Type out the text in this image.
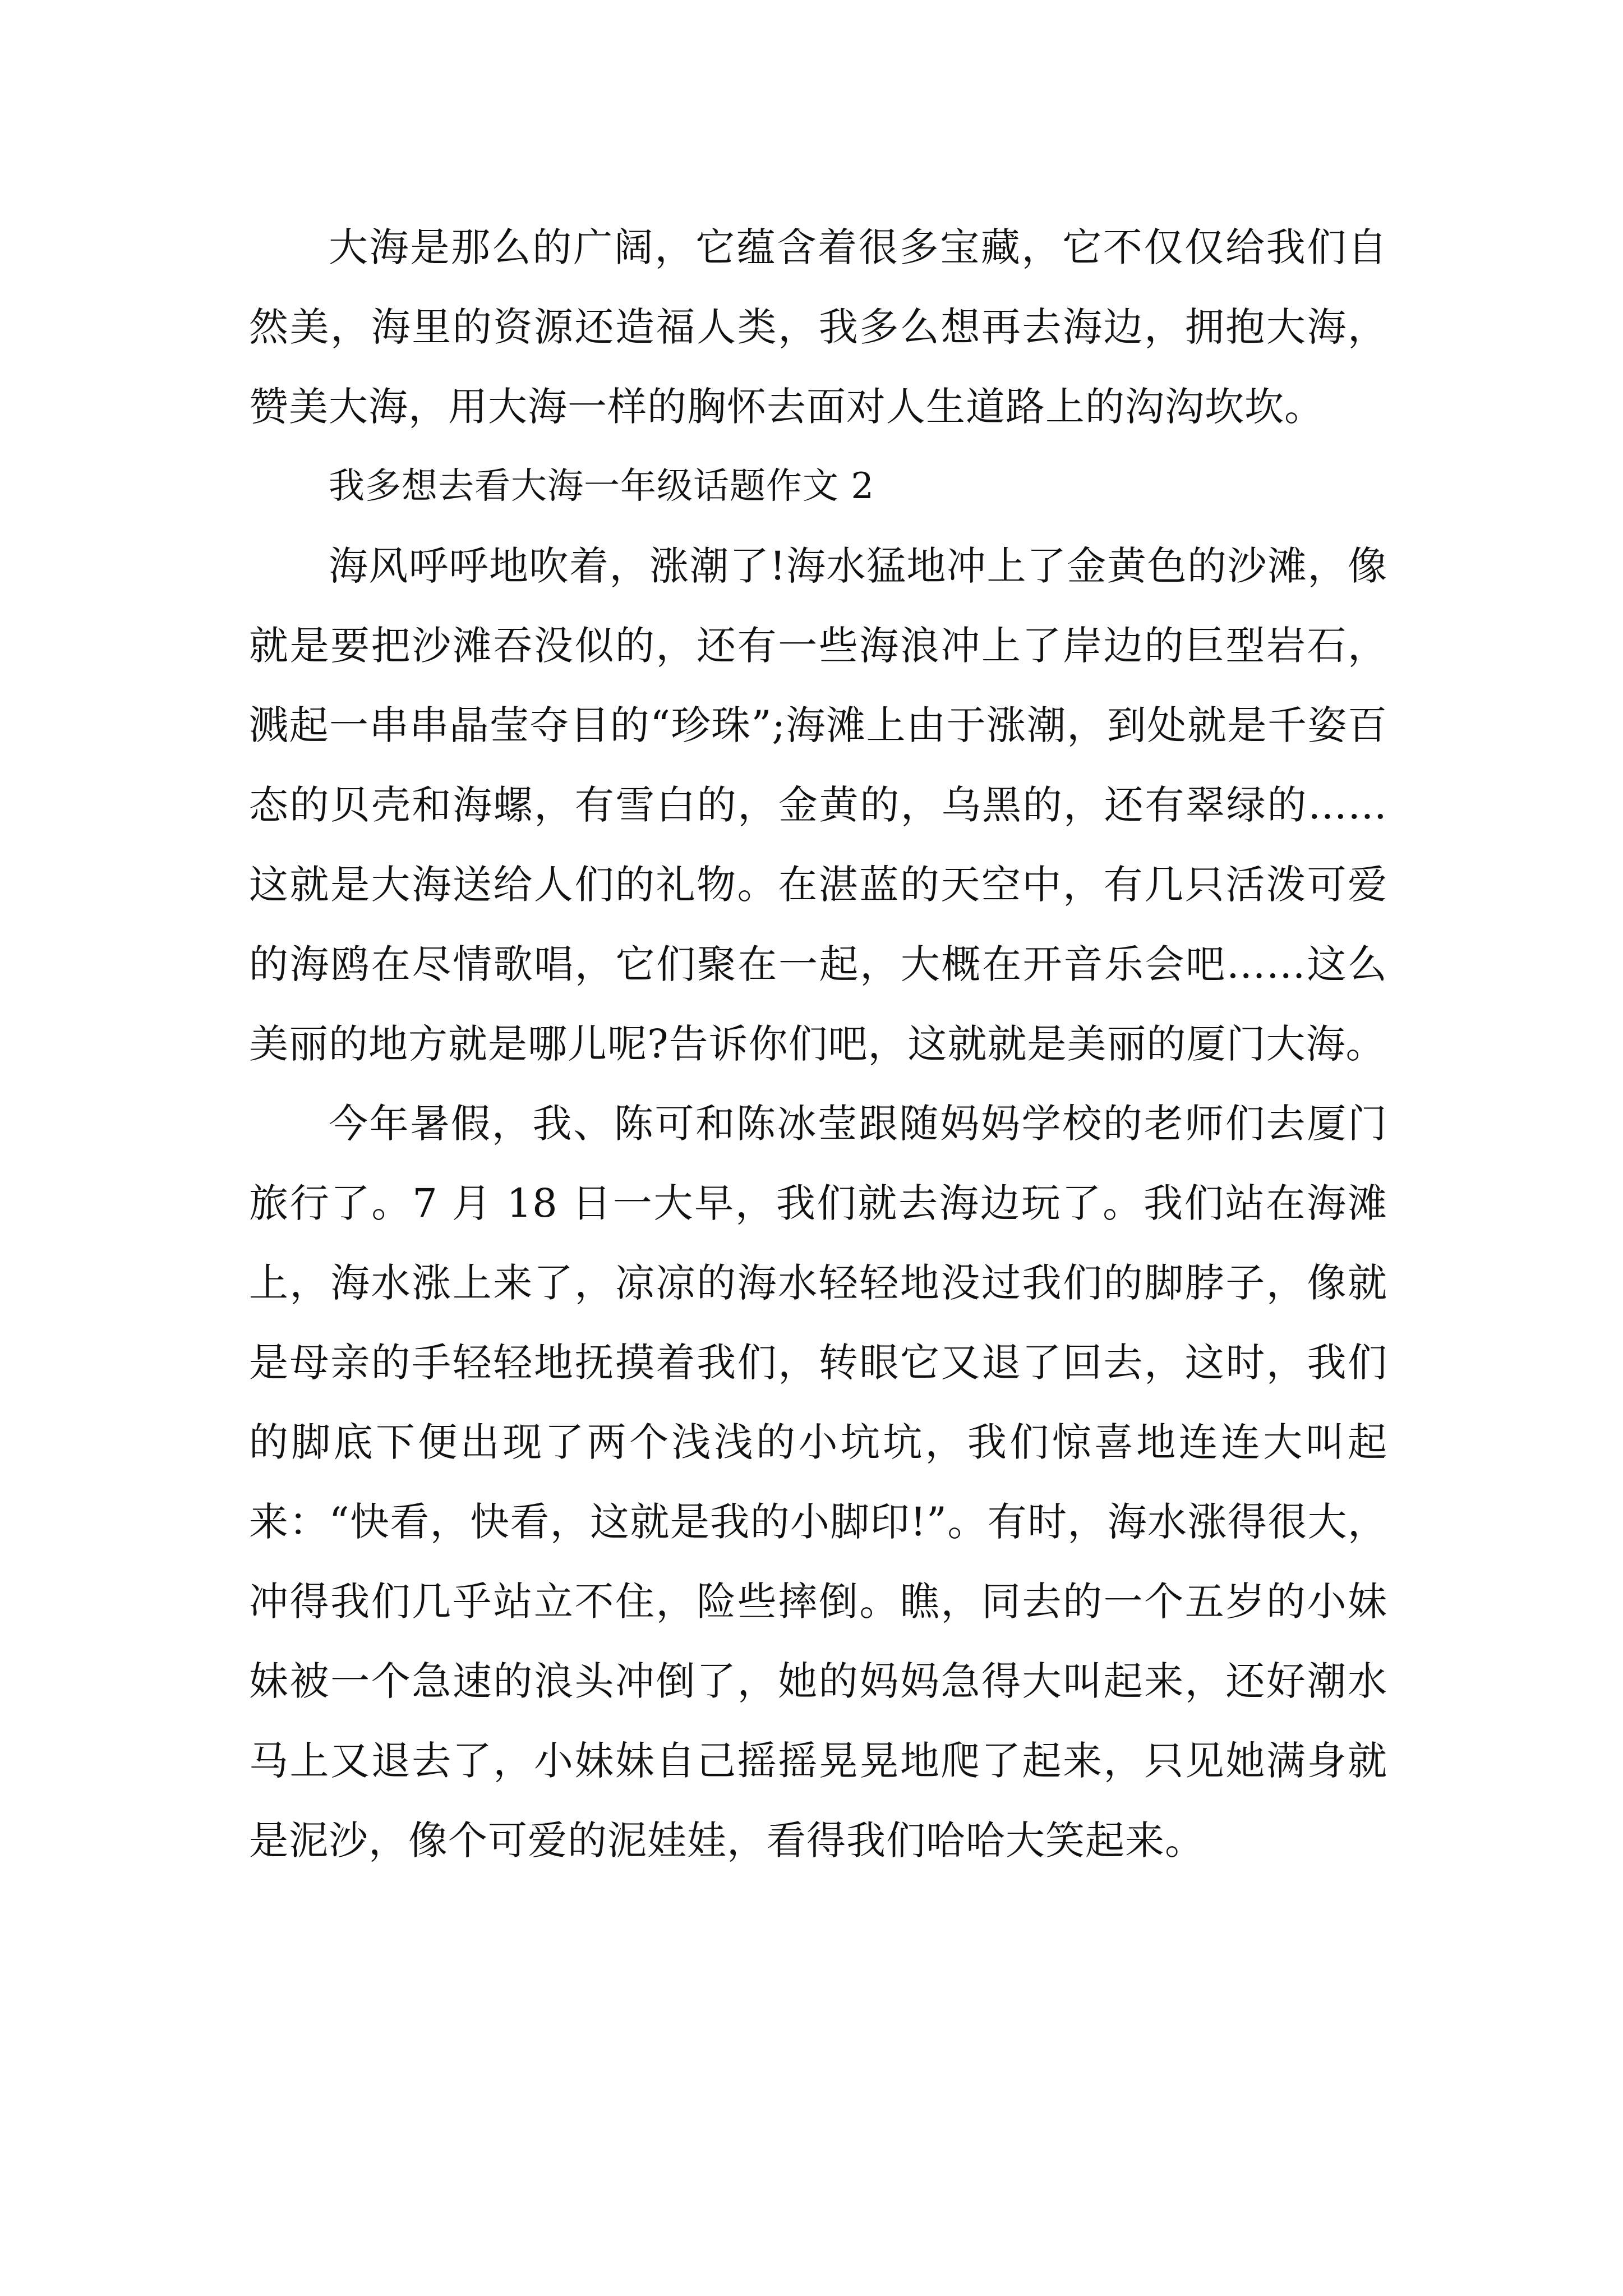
大海是那么的广阔，它蕴含着很多宝藏，它不仅仅给我们自然美，海里的资源还造福人类，我多么想再去海边，拥抱大海，赞美大海，用大海一样的胸怀去面对人生道路上的沟沟坎坎。

我多想去看大海一年级话题作文 2

海风呼呼地吹着，涨潮了!海水猛地冲上了金黄色的沙滩，像就是要把沙滩吞没似的，还有一些海浪冲上了岸边的巨型岩石，溅起一串串晶莹夺目的“珍珠”;海滩上由于涨潮，到处就是千姿百态的贝壳和海螺，有雪白的，金黄的，乌黑的，还有翠绿的……这就是大海送给人们的礼物。在湛蓝的天空中，有几只活泼可爱的海鸥在尽情歌唱，它们聚在一起，大概在开音乐会吧……这么美丽的地方就是哪儿呢?告诉你们吧，这就就是美丽的厦门大海。

今年暑假，我、陈可和陈冰莹跟随妈妈学校的老师们去厦门旅行了。7 月 18 日一大早，我们就去海边玩了。我们站在海滩上，海水涨上来了，凉凉的海水轻轻地没过我们的脚脖子，像就是母亲的手轻轻地抚摸着我们，转眼它又退了回去，这时，我们的脚底下便出现了两个浅浅的小坑坑，我们惊喜地连连大叫起来：“快看，快看，这就是我的小脚印!”。有时，海水涨得很大，冲得我们几乎站立不住，险些摔倒。瞧，同去的一个五岁的小妹妹被一个急速的浪头冲倒了，她的妈妈急得大叫起来，还好潮水马上又退去了，小妹妹自己摇摇晃晃地爬了起来，只见她满身就是泥沙，像个可爱的泥娃娃，看得我们哈哈大笑起来。
